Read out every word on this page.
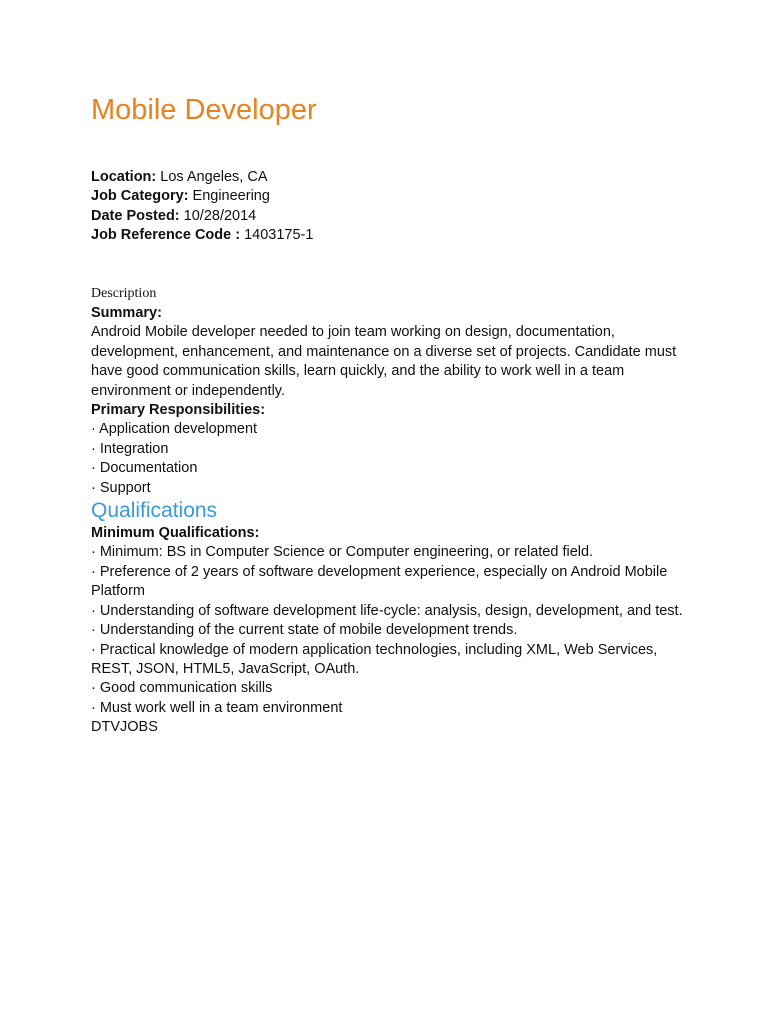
Mobile Developer
Location: Los Angeles, CA
Job Category: Engineering
Date Posted: 10/28/2014
Job Reference Code : 1403175-1
Description
Summary:

Android Mobile developer needed to join team working on design, documentation, development, enhancement, and maintenance on a diverse set of projects. Candidate must have good communication skills, learn quickly, and the ability to work well in a team environment or independently.

Primary Responsibilities:
· Application development
· Integration
· Documentation
· Support
Qualifications
Minimum Qualifications:
· Minimum: BS in Computer Science or Computer engineering, or related field.
· Preference of 2 years of software development experience, especially on Android Mobile Platform
· Understanding of software development life-cycle: analysis, design, development, and test.
· Understanding of the current state of mobile development trends.
· Practical knowledge of modern application technologies, including XML, Web Services, REST, JSON, HTML5, JavaScript, OAuth.
· Good communication skills
· Must work well in a team environment
DTVJOBS
